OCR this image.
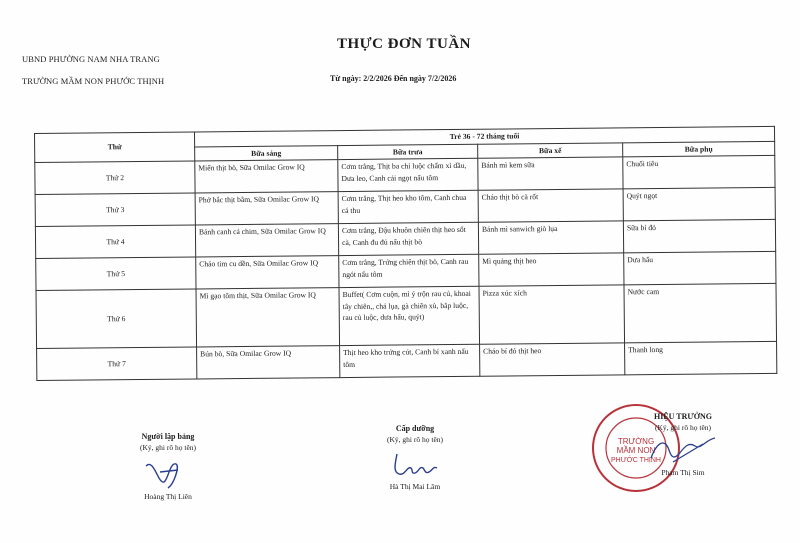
UBND PHƯỜNG NAM NHA TRANG
TRƯỜNG MẦM NON PHƯỚC THỊNH
THỰC ĐƠN TUẦN
Từ ngày: 2/2/2026 Đến ngày 7/2/2026
Thứ	Trẻ 36 - 72 tháng tuổi			
	Bữa sáng	Bữa trưa	Bữa xế	Bữa phụ
Thứ 2	Miến thịt bò, Sữa Omilac Grow IQ	Cơm trắng, Thịt ba chỉ luộc chấm xì dầu, Dưa leo, Canh cải ngọt nấu tôm	Bánh mì kem sữa	Chuối tiêu
Thứ 3	Phở bắc thịt bằm, Sữa Omilac Grow IQ	Cơm trắng, Thịt heo kho tôm, Canh chua cá thu	Cháo thịt bò cà rốt	Quýt ngọt
Thứ 4	Bánh canh cá chim, Sữa Omilac Grow IQ	Cơm trắng, Đậu khuôn chiên thịt heo sốt cà, Canh đu đủ nấu thịt bò	Bánh mì sanwich giò lụa	Sữa bí đỏ
Thứ 5	Cháo tim cu dền, Sữa Omilac Grow IQ	Cơm trắng, Trứng chiên thịt bò, Canh rau ngót nấu tôm	Mì quảng thịt heo	Dưa hấu
Thứ 6	Mì gạo tôm thịt, Sữa Omilac Grow IQ	Buffet( Cơm cuộn, mì ý trộn rau củ, khoai tây chiên,, chả lụa, gà chiên xù, bắp luộc, rau củ luộc, dưa hấu, quýt)	Pizza xúc xích	Nước cam
Thứ 7	Bún bò, Sữa Omilac Grow IQ	Thịt heo kho trứng cút, Canh bí xanh nấu tôm	Cháo bí đỏ thịt heo	Thanh long
Người lập bảng
(Ký, ghi rõ họ tên)
Hoàng Thị Liên
Cấp dưỡng
(Ký, ghi rõ họ tên)
Hà Thị Mai Lâm
TRƯỜNG
MẦM NON
PHƯỚC THỊNH
HIỆU TRƯỞNG
(Ký, ghi rõ họ tên)
Phạm Thị Sim
